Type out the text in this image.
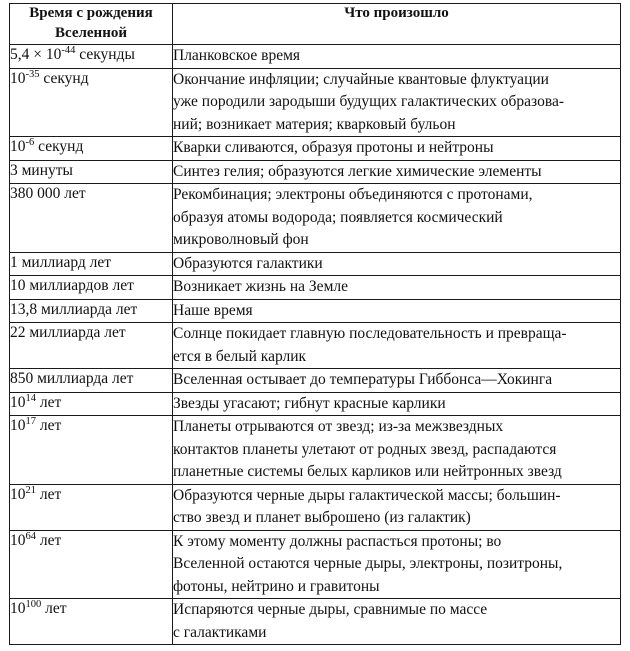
Время с рождения
Вселенной	Что произошло

$5,4 \times 10^{-44}$ секунды	Планковское время

$10^{-35}$ секунд	Окончание инфляции; случайные квантовые флуктуации
уже породили зародыши будущих галактических образова-
ний; возникает материя; кварковый бульон

$10^{-6}$ секунд	Кварки сливаются, образуя протоны и нейтроны

3 минуты	Синтез гелия; образуются легкие химические элементы

380 000 лет	Рекомбинация; электроны объединяются с протонами,
образуя атомы водорода; появляется космический
микроволновый фон

1 миллиард лет	Образуются галактики

10 миллиардов лет	Возникает жизнь на Земле

13,8 миллиарда лет	Наше время

22 миллиарда лет	Солнце покидает главную последовательность и превраща-
ется в белый карлик

850 миллиарда лет	Вселенная остывает до температуры Гиббонса—Хокинга

$10^{14}$ лет	Звезды угасают; гибнут красные карлики

$10^{17}$ лет	Планеты отрываются от звезд; из-за межзвездных
контактов планеты улетают от родных звезд, распадаются
планетные системы белых карликов или нейтронных звезд

$10^{21}$ лет	Образуются черные дыры галактической массы; большин-
ство звезд и планет выброшено (из галактик)

$10^{64}$ лет	К этому моменту должны распасться протоны; во
Вселенной остаются черные дыры, электроны, позитроны,
фотоны, нейтрино и гравитоны

$10^{100}$ лет	Испаряются черные дыры, сравнимые по массе
с галактиками
